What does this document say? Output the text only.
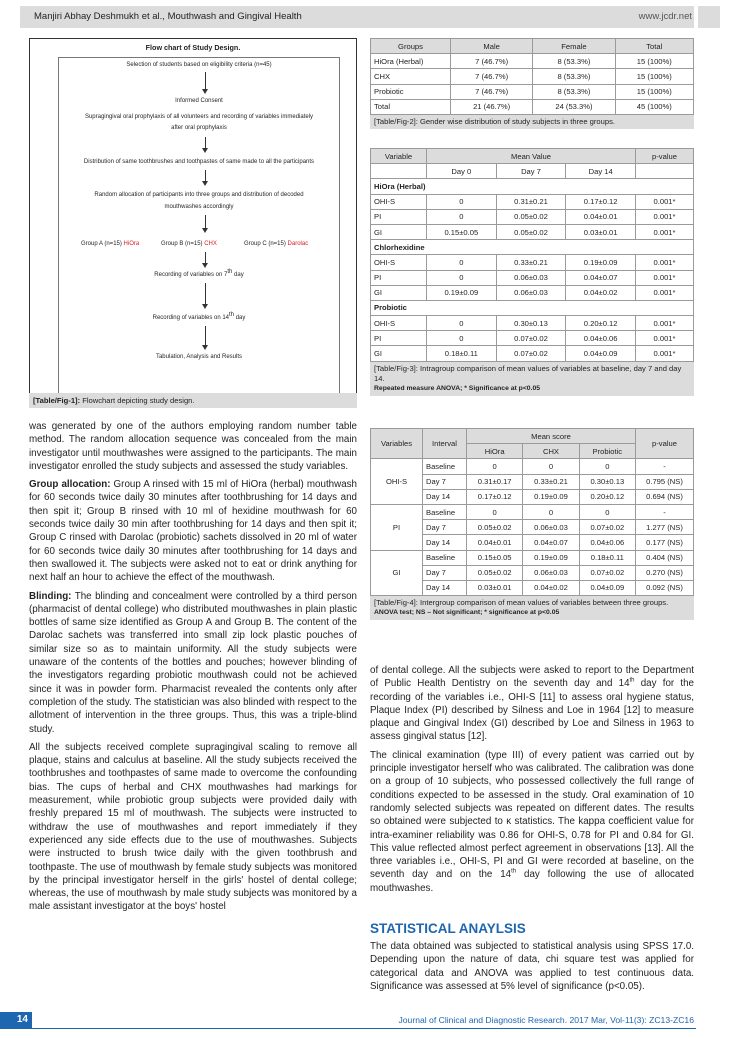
Manjiri Abhay Deshmukh et al., Mouthwash and Gingival Health	www.jcdr.net
Flow chart of Study Design.
Selection of students based on eligibility criteria (n=45)
Informed Consent
Supragingival oral prophylaxis of all volunteers and recording of variables immediately
after oral prophylaxis
Distribution of same toothbrushes and toothpastes of same made to all the participants
Random allocation of participants into three groups and distribution of decoded
mouthwashes accordingly
Group A (n=15) HiOra	Group B (n=15) CHX	Group C (n=15) Darolac
Recording of variables on 7th day
Recording of variables on 14th day
Tabulation, Analysis and Results
[Table/Fig-1]: Flowchart depicting study design.

was generated by one of the authors employing random number table method. The random allocation sequence was concealed from the main investigator until mouthwashes were assigned to the participants. The main investigator enrolled the study subjects and assessed the study variables.

Group allocation: Group A rinsed with 15 ml of HiOra (herbal) mouthwash for 60 seconds twice daily 30 minutes after toothbrushing for 14 days and then spit it; Group B rinsed with 10 ml of hexidine mouthwash for 60 seconds twice daily 30 min after toothbrushing for 14 days and then spit it; Group C rinsed with Darolac (probiotic) sachets dissolved in 20 ml of water for 60 seconds twice daily 30 minutes after toothbrushing for 14 days and then swallowed it. The subjects were asked not to eat or drink anything for next half an hour to achieve the effect of the mouthwash.

Blinding: The blinding and concealment were controlled by a third person (pharmacist of dental college) who distributed mouthwashes in plain plastic bottles of same size identified as Group A and Group B. The content of the Darolac sachets was transferred into small zip lock plastic pouches of similar size so as to maintain uniformity. All the study subjects were unaware of the contents of the bottles and pouches; however blinding of the investigators regarding probiotic mouthwash could not be achieved since it was in powder form. Pharmacist revealed the contents only after completion of the study. The statistician was also blinded with respect to the allotment of intervention in the three groups. Thus, this was a triple-blind study.

All the subjects received complete supragingival scaling to remove all plaque, stains and calculus at baseline. All the study subjects received the toothbrushes and toothpastes of same made to overcome the confounding bias. The cups of herbal and CHX mouthwashes had markings for measurement, while probiotic group subjects were provided daily with freshly prepared 15 ml of mouthwash. The subjects were instructed to withdraw the use of mouthwashes and report immediately if they experienced any side effects due to the use of mouthwashes. Subjects were instructed to brush twice daily with the given toothbrush and toothpaste. The use of mouthwash by female study subjects was monitored by the principal investigator herself in the girls' hostel of dental college; whereas, the use of mouthwash by male study subjects was monitored by a male assistant investigator at the boys' hostel

Groups	Male	Female	Total
HiOra (Herbal)	7 (46.7%)	8 (53.3%)	15 (100%)
CHX	7 (46.7%)	8 (53.3%)	15 (100%)
Probiotic	7 (46.7%)	8 (53.3%)	15 (100%)
Total	21 (46.7%)	24 (53.3%)	45 (100%)
[Table/Fig-2]: Gender wise distribution of study subjects in three groups.
Variable	Mean Value			p-value
	Day 0	Day 7	Day 14	
HiOra (Herbal)				
OHI-S	0	0.31±0.21	0.17±0.12	0.001*
PI	0	0.05±0.02	0.04±0.01	0.001*
GI	0.15±0.05	0.05±0.02	0.03±0.01	0.001*
Chlorhexidine				
OHI-S	0	0.33±0.21	0.19±0.09	0.001*
PI	0	0.06±0.03	0.04±0.07	0.001*
GI	0.19±0.09	0.06±0.03	0.04±0.02	0.001*
Probiotic				
OHI-S	0	0.30±0.13	0.20±0.12	0.001*
PI	0	0.07±0.02	0.04±0.06	0.001*
GI	0.18±0.11	0.07±0.02	0.04±0.09	0.001*
[Table/Fig-3]: Intragroup comparison of mean values of variables at baseline, day 7 and day 14.
Repeated measure ANOVA; * Significance at p<0.05
Variables	Interval	Mean score			p-value
		HiOra	CHX	Probiotic	
OHI-S	Baseline	0	0	0	-
	Day 7	0.31±0.17	0.33±0.21	0.30±0.13	0.795 (NS)
	Day 14	0.17±0.12	0.19±0.09	0.20±0.12	0.694 (NS)
PI	Baseline	0	0	0	-
	Day 7	0.05±0.02	0.06±0.03	0.07±0.02	1.277 (NS)
	Day 14	0.04±0.01	0.04±0.07	0.04±0.06	0.177 (NS)
GI	Baseline	0.15±0.05	0.19±0.09	0.18±0.11	0.404 (NS)
	Day 7	0.05±0.02	0.06±0.03	0.07±0.02	0.270 (NS)
	Day 14	0.03±0.01	0.04±0.02	0.04±0.09	0.092 (NS)
[Table/Fig-4]: Intergroup comparison of mean values of variables between three groups.
ANOVA test; NS – Not significant; * significance at p<0.05

of dental college. All the subjects were asked to report to the Department of Public Health Dentistry on the seventh day and 14th day for the recording of the variables i.e., OHI-S [11] to assess oral hygiene status, Plaque Index (PI) described by Silness and Loe in 1964 [12] to measure plaque and Gingival Index (GI) described by Loe and Silness in 1963 to assess gingival status [12].

The clinical examination (type III) of every patient was carried out by principle investigator herself who was calibrated. The calibration was done on a group of 10 subjects, who possessed collectively the full range of conditions expected to be assessed in the study. Oral examination of 10 randomly selected subjects was repeated on different dates. The results so obtained were subjected to κ statistics. The kappa coefficient value for intra-examiner reliability was 0.86 for OHI-S, 0.78 for PI and 0.84 for GI. This value reflected almost perfect agreement in observations [13]. All the three variables i.e., OHI-S, PI and GI were recorded at baseline, on the seventh day and on the 14th day following the use of allocated mouthwashes.

STATISTICAL ANAYLSIS

The data obtained was subjected to statistical analysis using SPSS 17.0. Depending upon the nature of data, chi square test was applied for categorical data and ANOVA was applied to test continuous data. Significance was assessed at 5% level of significance (p<0.05).

14	Journal of Clinical and Diagnostic Research. 2017 Mar, Vol-11(3): ZC13-ZC16
